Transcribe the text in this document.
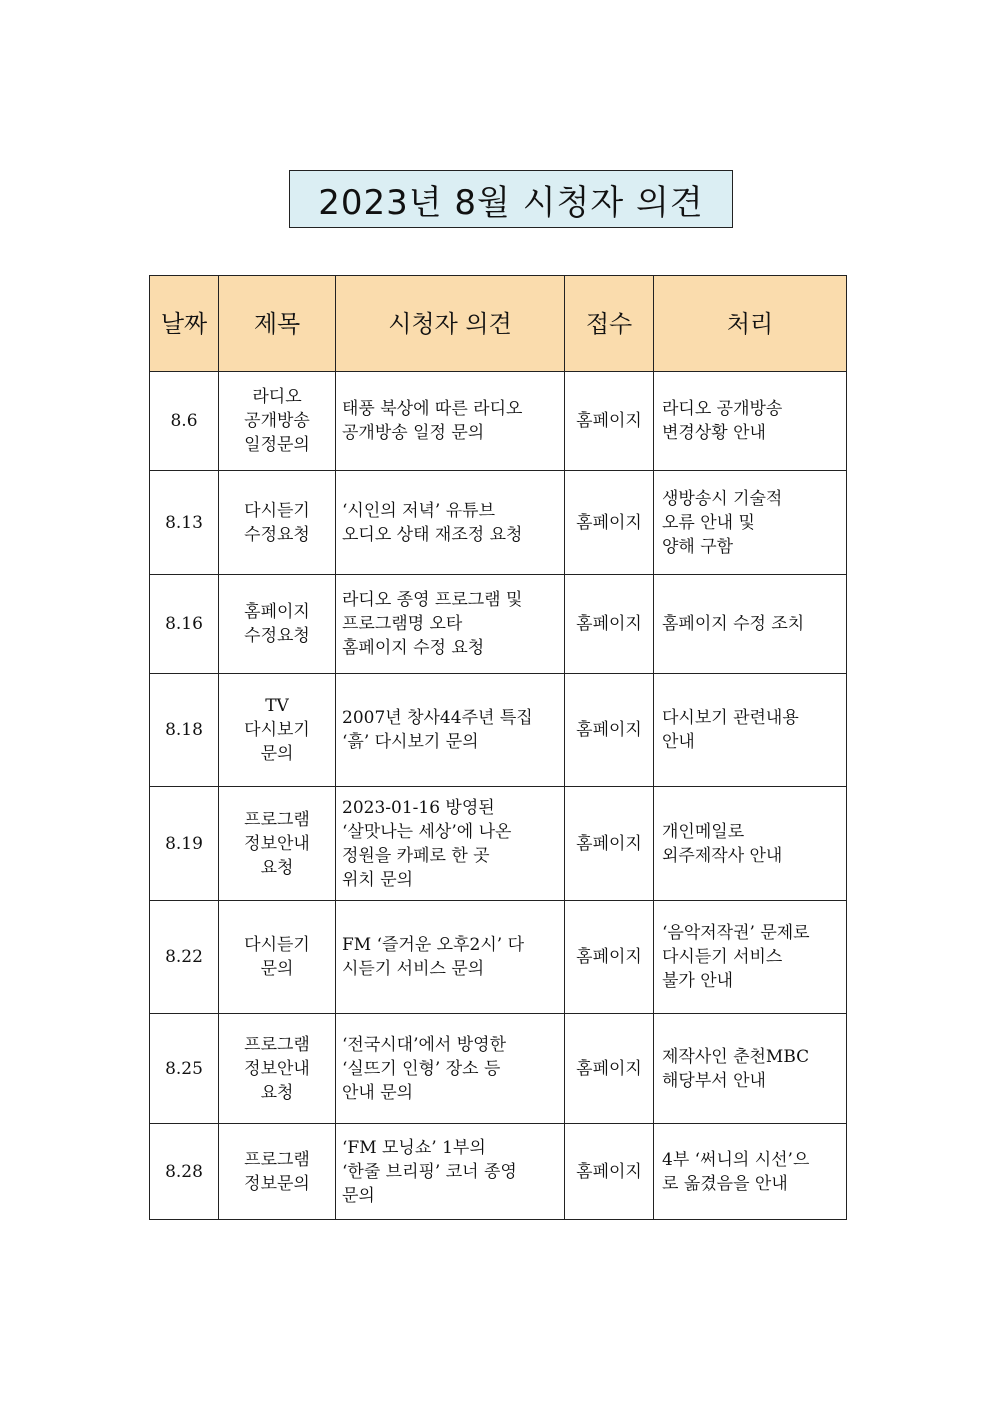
2023년 8월 시청자 의견
날짜	제목	시청자 의견	접수	처리
8.6	라디오
공개방송
일정문의	태풍 북상에 따른 라디오
공개방송 일정 문의	홈페이지	라디오 공개방송
변경상황 안내

8.13	다시듣기
수정요청	‘시인의 저녁’ 유튜브
오디오 상태 재조정 요청	홈페이지	생방송시 기술적
오류 안내 및
양해 구함

8.16	홈페이지
수정요청	라디오 종영 프로그램 및
프로그램명 오타
홈페이지 수정 요청	홈페이지	홈페이지 수정 조치

8.18	TV
다시보기
문의	2007년 창사44주년 특집
‘흙’ 다시보기 문의	홈페이지	다시보기 관련내용
안내

8.19	프로그램
정보안내
요청	2023-01-16 방영된
‘살맛나는 세상’에 나온
정원을 카페로 한 곳
위치 문의	홈페이지	개인메일로
외주제작사 안내

8.22	다시듣기
문의	FM ‘즐거운 오후2시’ 다
시듣기 서비스 문의	홈페이지	‘음악저작권’ 문제로
다시듣기 서비스
불가 안내

8.25	프로그램
정보안내
요청	‘전국시대’에서 방영한
‘실뜨기 인형’ 장소 등
안내 문의	홈페이지	제작사인 춘천MBC
해당부서 안내

8.28	프로그램
정보문의	‘FM 모닝쇼’ 1부의
‘한줄 브리핑’ 코너 종영
문의	홈페이지	4부 ‘써니의 시선’으
로 옮겼음을 안내
